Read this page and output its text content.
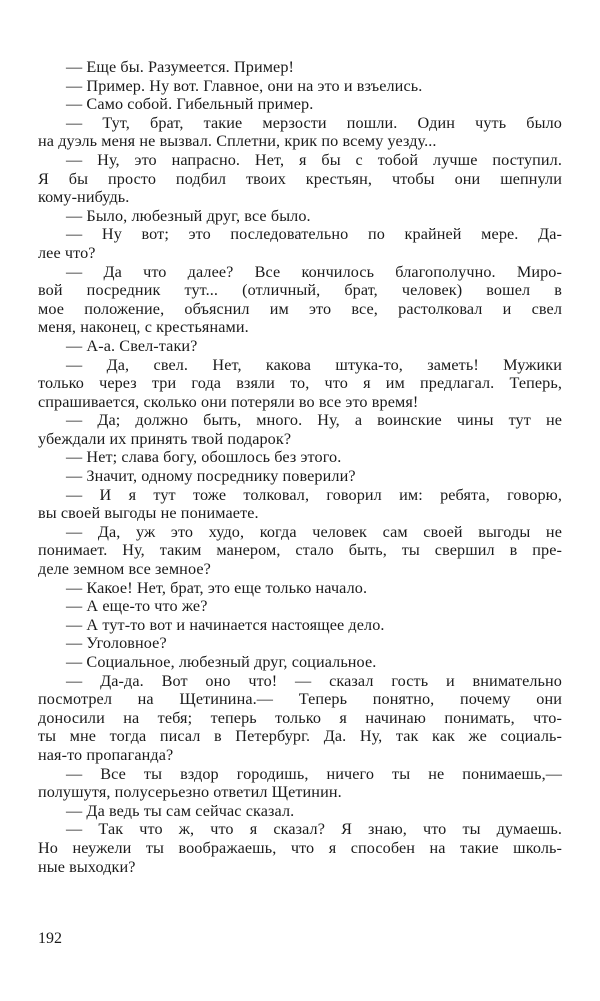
— Еще бы. Разумеется. Пример!
— Пример. Ну вот. Главное, они на это и взъелись.
— Само собой. Гибельный пример.
— Тут, брат, такие мерзости пошли. Один чуть было
на дуэль меня не вызвал. Сплетни, крик по всему уезду...
— Ну, это напрасно. Нет, я бы с тобой лучше поступил.
Я бы просто подбил твоих крестьян, чтобы они шепнули
кому-нибудь.
— Было, любезный друг, все было.
— Ну вот; это последовательно по крайней мере. Да-
лее что?
— Да что далее? Все кончилось благополучно. Миро-
вой посредник тут... (отличный, брат, человек) вошел в
мое положение, объяснил им это все, растолковал и свел
меня, наконец, с крестьянами.
— А-а. Свел-таки?
— Да, свел. Нет, какова штука-то, заметь! Мужики
только через три года взяли то, что я им предлагал. Теперь,
спрашивается, сколько они потеряли во все это время!
— Да; должно быть, много. Ну, а воинские чины тут не
убеждали их принять твой подарок?
— Нет; слава богу, обошлось без этого.
— Значит, одному посреднику поверили?
— И я тут тоже толковал, говорил им: ребята, говорю,
вы своей выгоды не понимаете.
— Да, уж это худо, когда человек сам своей выгоды не
понимает. Ну, таким манером, стало быть, ты свершил в пре-
деле земном все земное?
— Какое! Нет, брат, это еще только начало.
— А еще-то что же?
— А тут-то вот и начинается настоящее дело.
— Уголовное?
— Социальное, любезный друг, социальное.
— Да-да. Вот оно что! — сказал гость и внимательно
посмотрел на Щетинина.— Теперь понятно, почему они
доносили на тебя; теперь только я начинаю понимать, что-
ты мне тогда писал в Петербург. Да. Ну, так как же социаль-
ная-то пропаганда?
— Все ты вздор городишь, ничего ты не понимаешь,—
полушутя, полусерьезно ответил Щетинин.
— Да ведь ты сам сейчас сказал.
— Так что ж, что я сказал? Я знаю, что ты думаешь.
Но неужели ты воображаешь, что я способен на такие школь-
ные выходки?
192
